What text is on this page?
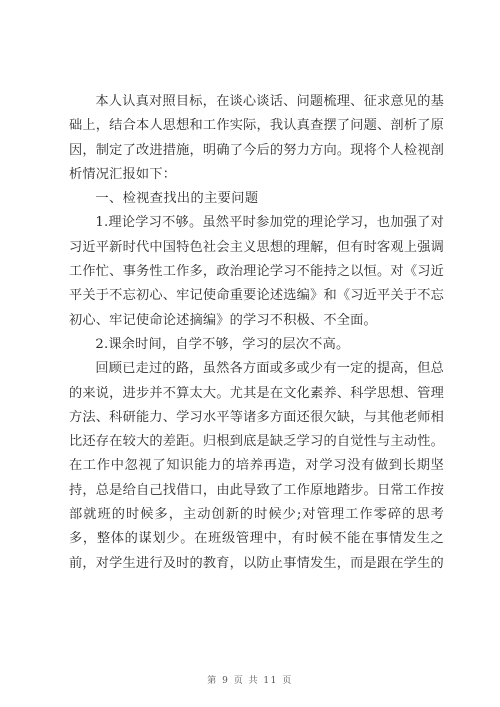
本人认真对照目标，在谈心谈话、问题梳理、征求意见的基础上，结合本人思想和工作实际，我认真查摆了问题、剖析了原因，制定了改进措施，明确了今后的努力方向。现将个人检视剖析情况汇报如下：

一、检视查找出的主要问题

1.理论学习不够。虽然平时参加党的理论学习，也加强了对习近平新时代中国特色社会主义思想的理解，但有时客观上强调工作忙、事务性工作多，政治理论学习不能持之以恒。对《习近平关于不忘初心、牢记使命重要论述选编》和《习近平关于不忘初心、牢记使命论述摘编》的学习不积极、不全面。

2.课余时间，自学不够，学习的层次不高。

回顾已走过的路，虽然各方面或多或少有一定的提高，但总的来说，进步并不算太大。尤其是在文化素养、科学思想、管理方法、科研能力、学习水平等诸多方面还很欠缺，与其他老师相比还存在较大的差距。归根到底是缺乏学习的自觉性与主动性。在工作中忽视了知识能力的培养再造，对学习没有做到长期坚持，总是给自己找借口，由此导致了工作原地踏步。日常工作按部就班的时候多，主动创新的时候少;对管理工作零碎的思考多，整体的谋划少。在班级管理中，有时候不能在事情发生之前，对学生进行及时的教育，以防止事情发生，而是跟在学生的

第 9 页 共 11 页
